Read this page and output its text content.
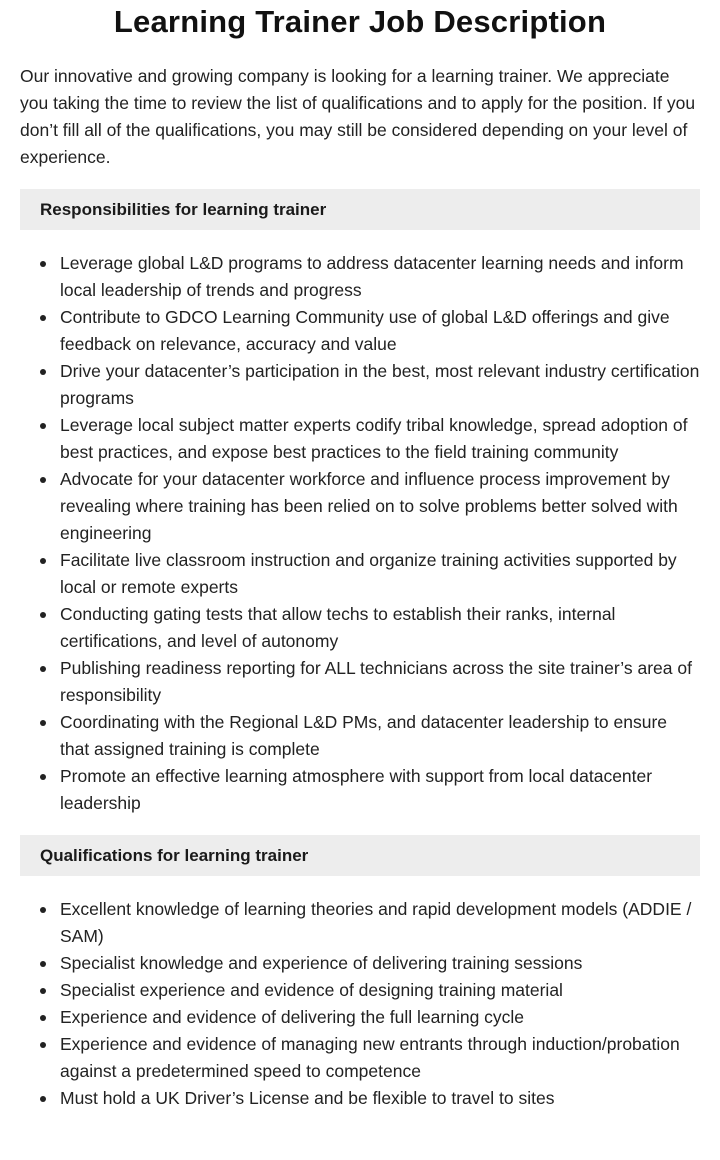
Learning Trainer Job Description

Our innovative and growing company is looking for a learning trainer. We appreciate you taking the time to review the list of qualifications and to apply for the position. If you don’t fill all of the qualifications, you may still be considered depending on your level of experience.

Responsibilities for learning trainer
Leverage global L&D programs to address datacenter learning needs and inform local leadership of trends and progress
Contribute to GDCO Learning Community use of global L&D offerings and give feedback on relevance, accuracy and value
Drive your datacenter’s participation in the best, most relevant industry certification programs
Leverage local subject matter experts codify tribal knowledge, spread adoption of best practices, and expose best practices to the field training community
Advocate for your datacenter workforce and influence process improvement by revealing where training has been relied on to solve problems better solved with engineering
Facilitate live classroom instruction and organize training activities supported by local or remote experts
Conducting gating tests that allow techs to establish their ranks, internal certifications, and level of autonomy
Publishing readiness reporting for ALL technicians across the site trainer’s area of responsibility
Coordinating with the Regional L&D PMs, and datacenter leadership to ensure that assigned training is complete
Promote an effective learning atmosphere with support from local datacenter leadership
Qualifications for learning trainer
Excellent knowledge of learning theories and rapid development models (ADDIE / SAM)
Specialist knowledge and experience of delivering training sessions
Specialist experience and evidence of designing training material
Experience and evidence of delivering the full learning cycle
Experience and evidence of managing new entrants through induction/probation against a predetermined speed to competence
Must hold a UK Driver’s License and be flexible to travel to sites
